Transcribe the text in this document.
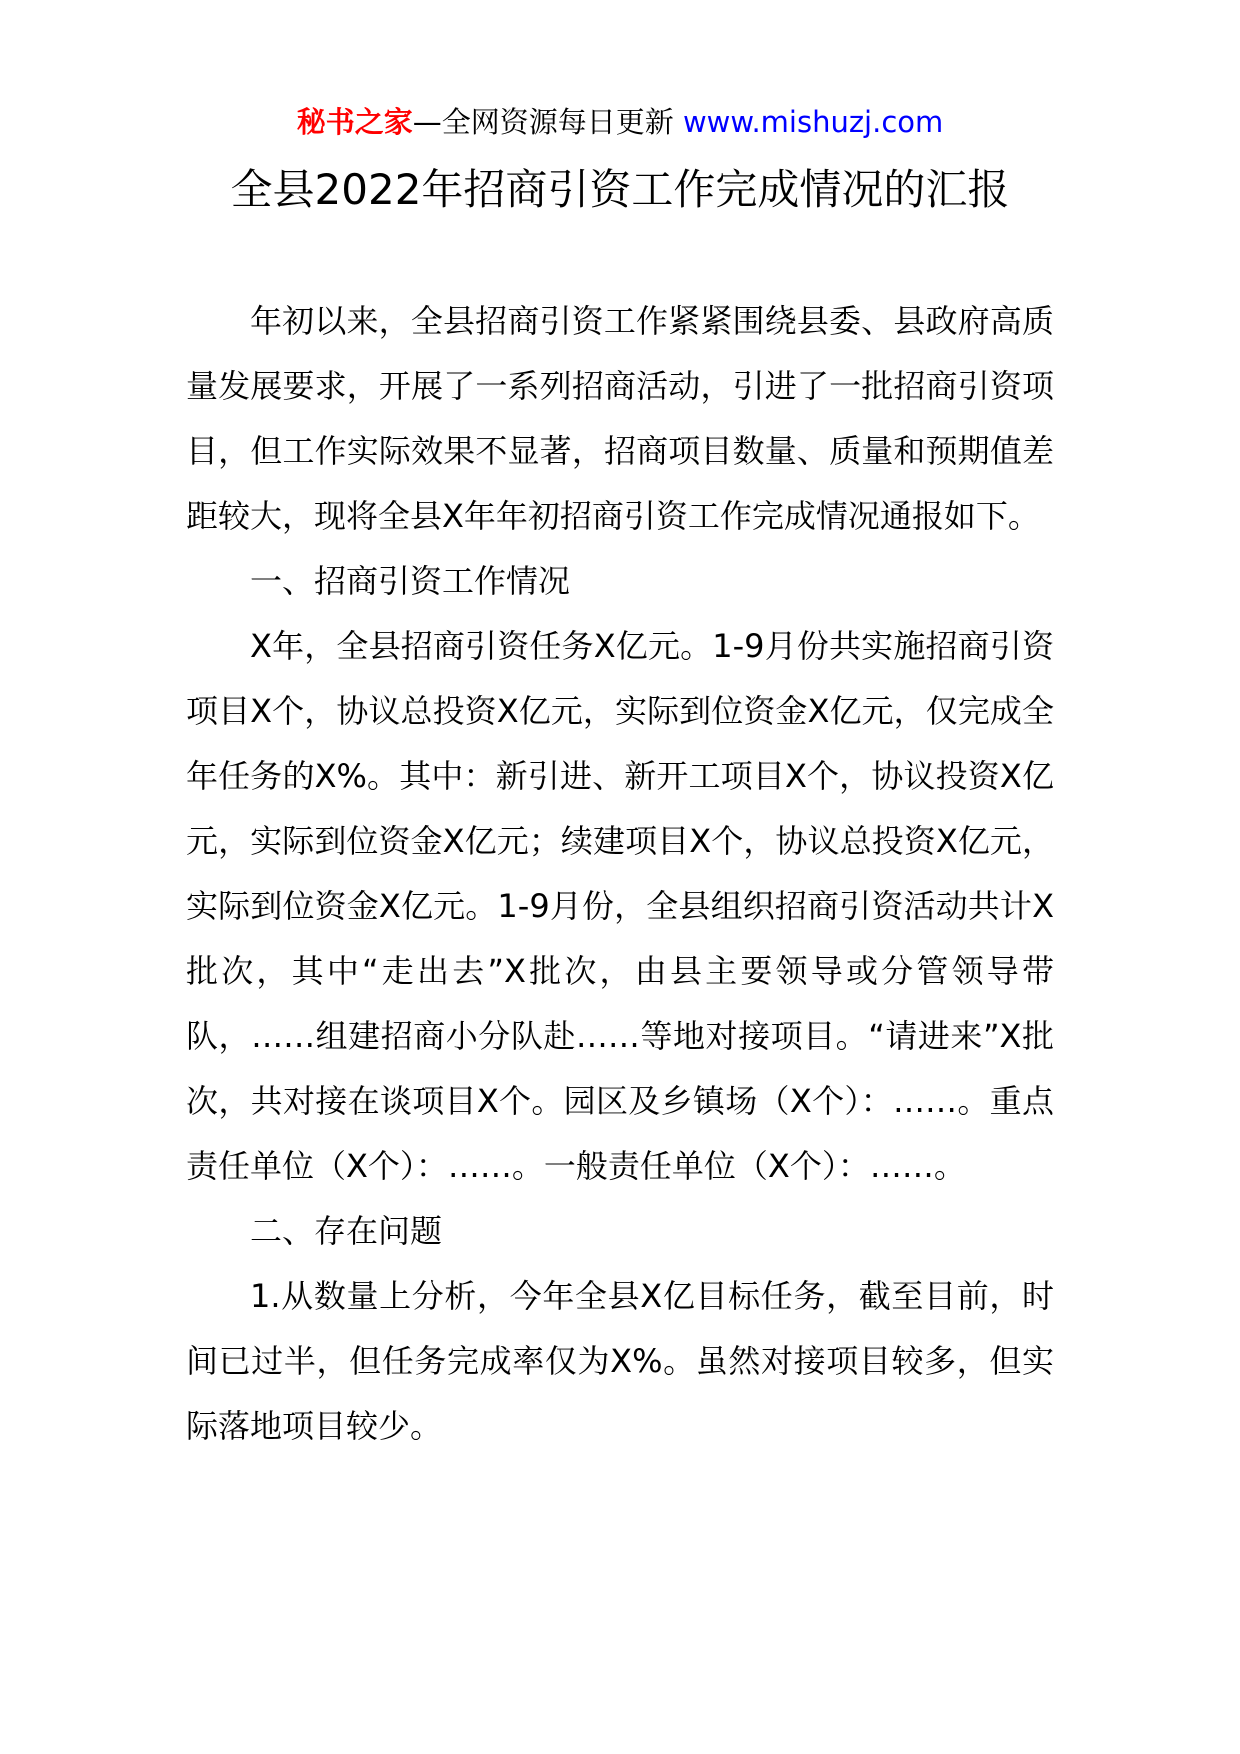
秘书之家—全网资源每日更新 www.mishuzj.com
全县2022年招商引资工作完成情况的汇报

年初以来，全县招商引资工作紧紧围绕县委、县政府高质量发展要求，开展了一系列招商活动，引进了一批招商引资项目，但工作实际效果不显著，招商项目数量、质量和预期值差距较大，现将全县X年年初招商引资工作完成情况通报如下。

一、招商引资工作情况

X年，全县招商引资任务X亿元。1-9月份共实施招商引资项目X个，协议总投资X亿元，实际到位资金X亿元，仅完成全年任务的X%。其中：新引进、新开工项目X个，协议投资X亿元，实际到位资金X亿元；续建项目X个，协议总投资X亿元，实际到位资金X亿元。1-9月份，全县组织招商引资活动共计X批次，其中“走出去”X批次，由县主要领导或分管领导带队，……组建招商小分队赴……等地对接项目。“请进来”X批次，共对接在谈项目X个。园区及乡镇场（X个）：……。重点责任单位（X个）：……。一般责任单位（X个）：……。

二、存在问题

1.从数量上分析，今年全县X亿目标任务，截至目前，时间已过半，但任务完成率仅为X%。虽然对接项目较多，但实际落地项目较少。
